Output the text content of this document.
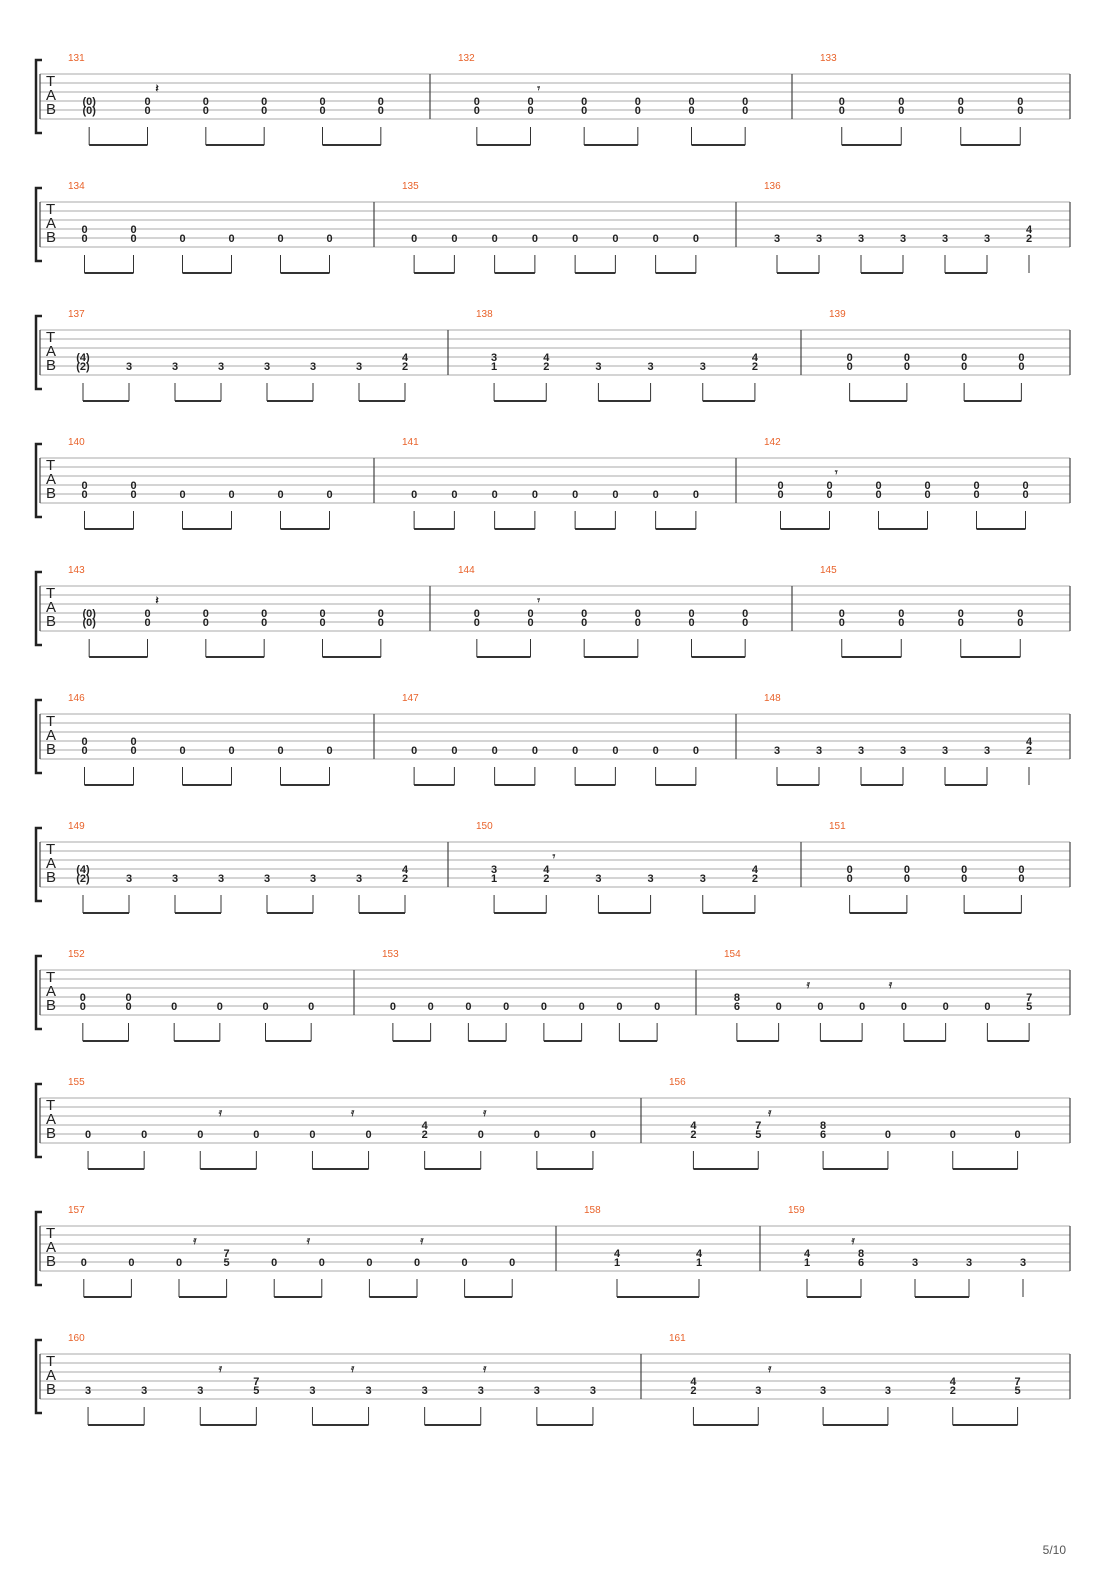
T
A
B
131
(0)
(0)
0
0
0
0
0
0
0
0
0
0
𝄽
132
0
0
0
0
0
0
0
0
0
0
0
0
𝄾
133
0
0
0
0
0
0
0
0
T
A
B
134
0
0
0
0	0	0	0	0
135
0	0	0	0	0	0	0	0
136
3	3	3	3	3	3
4
2
T
A
B
137
(4)
(2)	3	3	3	3	3	3
4
2
138
3
1
4
2	3	3	3
4
2
139
0
0
0
0
0
0
0
0
T
A
B
140
0
0
0
0	0	0	0	0
141
0	0	0	0	0	0	0	0
142
0
0
0
0
0
0
0
0
0
0
0
0
𝄾
T
A
B
143
(0)
(0)
0
0
0
0
0
0
0
0
0
0
𝄽
144
0
0
0
0
0
0
0
0
0
0
0
0
𝄾
145
0
0
0
0
0
0
0
0
T
A
B
146
0
0
0
0	0	0	0	0
147
0	0	0	0	0	0	0	0
148
3	3	3	3	3	3
4
2
T
A
B
149
(4)
(2)	3	3	3	3	3	3
4
2
150
3
1
4
2	3	3	3
4
2
𝄾
151
0
0
0
0
0
0
0
0
T
A
B
152
0
0
0
0	0	0	0	0
153
0	0	0	0	0	0	0	0
154
8
6	0	0	0	0	0	0
7
5
𝄿	𝄿
T
A
B
155
0	0	0	0	0	0
4
2	0	0	0
𝄿	𝄿	𝄿
156
4
2
7
5
8
6	0	0	0
𝄿
T
A
B
157
0	0	0
7
5	0	0	0	0	0	0
𝄿	𝄿	𝄿
158
4
1
4
1
159
4
1
8
6	3	3	3
𝄿
T
A
B
160
3	3	3
7
5	3	3	3	3	3	3
𝄿	𝄿	𝄿
161
4
2	3	3	3
4
2
7
5
𝄿
5/10
